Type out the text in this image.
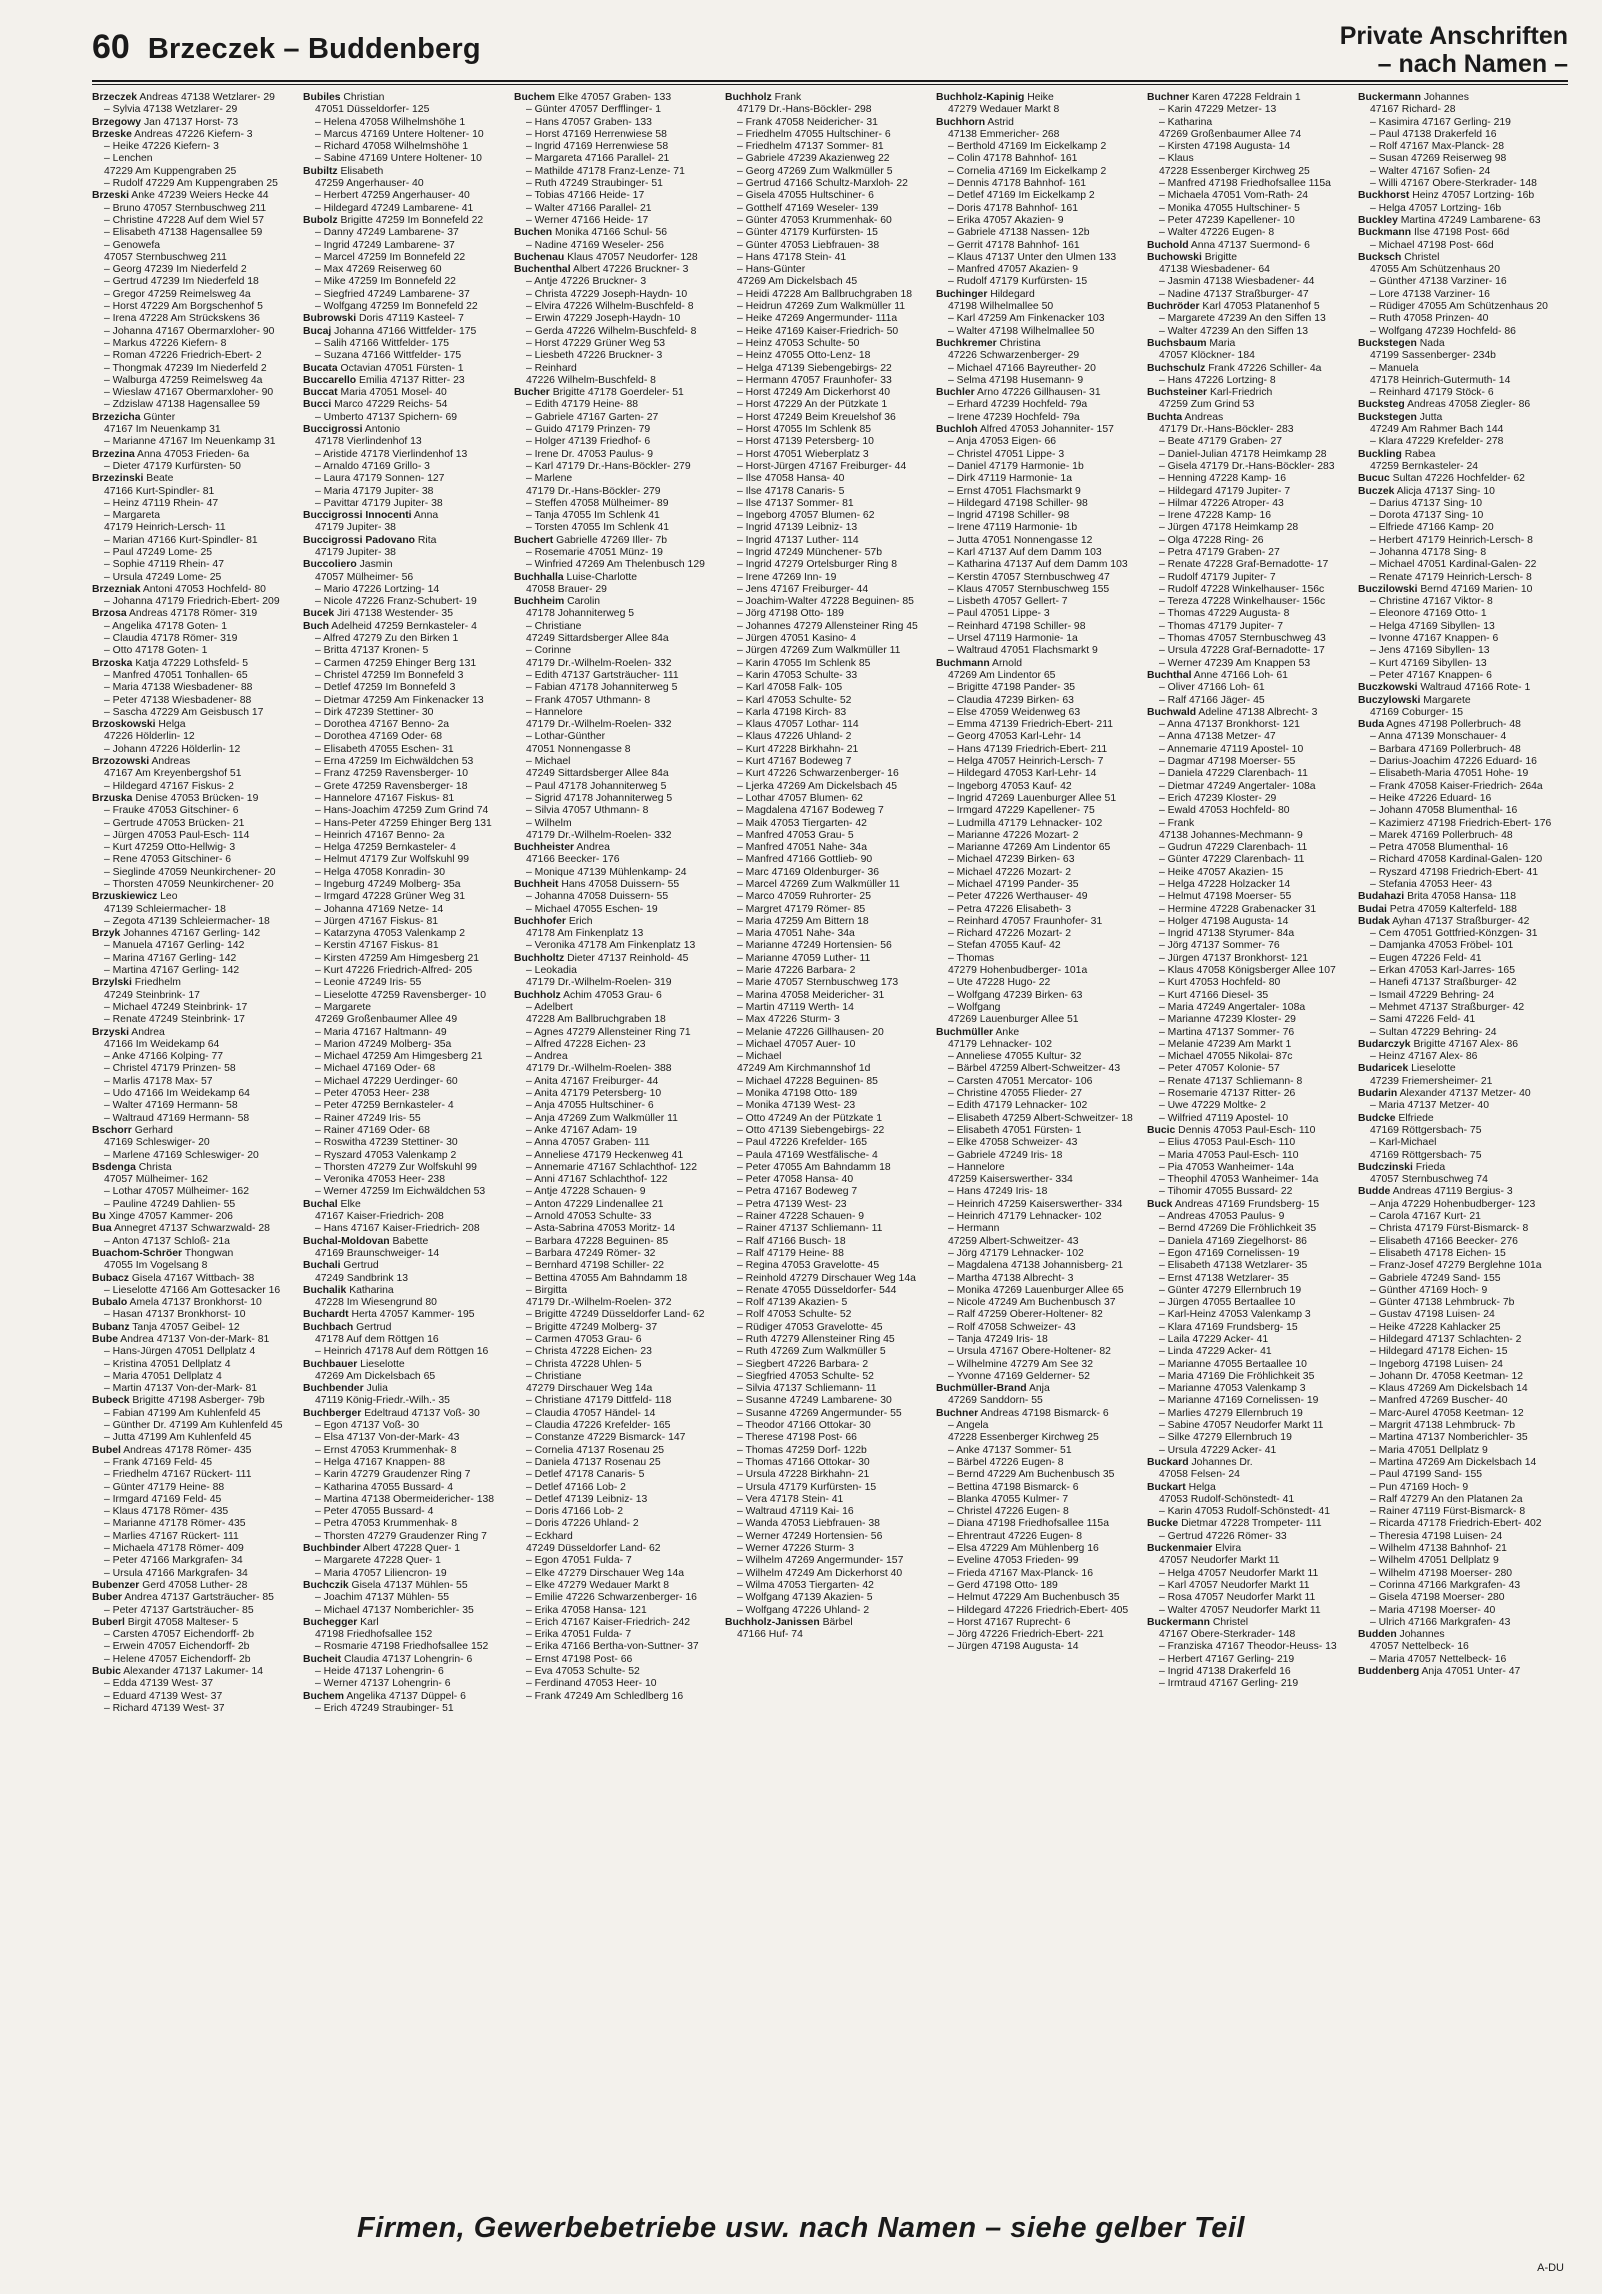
60 Brzeczek – Buddenberg	Private Anschriften
– nach Namen –
Brzeczek Andreas 47138 Wetzlarer- 29
– Sylvia 47138 Wetzlarer- 29
Brzegowy Jan 47137 Horst- 73
Brzeske Andreas 47226 Kiefern- 3
– Heike 47226 Kiefern- 3
– Lenchen
47229 Am Kuppengraben 25
– Rudolf 47229 Am Kuppengraben 25
Brzeski Anke 47239 Weiers Hecke 44
– Bruno 47057 Sternbuschweg 211
– Christine 47228 Auf dem Wiel 57
– Elisabeth 47138 Hagensallee 59
– Genowefa
47057 Sternbuschweg 211
– Georg 47239 Im Niederfeld 2
– Gertrud 47239 Im Niederfeld 18
– Gregor 47259 Reimelsweg 4a
– Horst 47229 Am Borgschenhof 5
– Irena 47228 Am Strückskens 36
– Johanna 47167 Obermarxloher- 90
– Markus 47226 Kiefern- 8
– Roman 47226 Friedrich-Ebert- 2
– Thongmak 47239 Im Niederfeld 2
– Walburga 47259 Reimelsweg 4a
– Wieslaw 47167 Obermarxloher- 90
– Zdzislaw 47138 Hagensallee 59
Brzezicha Günter
47167 Im Neuenkamp 31
– Marianne 47167 Im Neuenkamp 31
Brzezina Anna 47053 Frieden- 6a
– Dieter 47179 Kurfürsten- 50
Brzezinski Beate
47166 Kurt-Spindler- 81
– Heinz 47119 Rhein- 47
– Margareta
47179 Heinrich-Lersch- 11
– Marian 47166 Kurt-Spindler- 81
– Paul 47249 Lome- 25
– Sophie 47119 Rhein- 47
– Ursula 47249 Lome- 25
Brzezniak Antoni 47053 Hochfeld- 80
– Johanna 47179 Friedrich-Ebert- 209
Brzosa Andreas 47178 Römer- 319
– Angelika 47178 Goten- 1
– Claudia 47178 Römer- 319
– Otto 47178 Goten- 1
Brzoska Katja 47229 Lothsfeld- 5
– Manfred 47051 Tonhallen- 65
– Maria 47138 Wiesbadener- 88
– Peter 47138 Wiesbadener- 88
– Sascha 47229 Am Geisbusch 17
Brzoskowski Helga
47226 Hölderlin- 12
– Johann 47226 Hölderlin- 12
Brzozowski Andreas
47167 Am Kreyenbergshof 51
– Hildegard 47167 Fiskus- 2
Brzuska Denise 47053 Brücken- 19
– Frauke 47053 Gitschiner- 6
– Gertrude 47053 Brücken- 21
– Jürgen 47053 Paul-Esch- 114
– Kurt 47259 Otto-Hellwig- 3
– Rene 47053 Gitschiner- 6
– Sieglinde 47059 Neunkirchener- 20
– Thorsten 47059 Neunkirchener- 20
Brzuskiewicz Leo
47139 Schleiermacher- 18
– Zegota 47139 Schleiermacher- 18
Brzyk Johannes 47167 Gerling- 142
– Manuela 47167 Gerling- 142
– Marina 47167 Gerling- 142
– Martina 47167 Gerling- 142
Brzylski Friedhelm
47249 Steinbrink- 17
– Michael 47249 Steinbrink- 17
– Renate 47249 Steinbrink- 17
Brzyski Andrea
47166 Im Weidekamp 64
– Anke 47166 Kolping- 77
– Christel 47179 Prinzen- 58
– Marlis 47178 Max- 57
– Udo 47166 Im Weidekamp 64
– Walter 47169 Hermann- 58
– Waltraud 47169 Hermann- 58
Bschorr Gerhard
47169 Schleswiger- 20
– Marlene 47169 Schleswiger- 20
Bsdenga Christa
47057 Mülheimer- 162
– Lothar 47057 Mülheimer- 162
– Pauline 47249 Dahlien- 55
Bu Xinge 47057 Kammer- 206
Bua Annegret 47137 Schwarzwald- 28
– Anton 47137 Schloß- 21a
Buachom-Schröer Thongwan
47055 Im Vogelsang 8
Bubacz Gisela 47167 Wittbach- 38
– Lieselotte 47166 Am Gottesacker 16
Bubalo Amela 47137 Bronkhorst- 10
– Hasan 47137 Bronkhorst- 10
Bubanz Tanja 47057 Geibel- 12
Bube Andrea 47137 Von-der-Mark- 81
– Hans-Jürgen 47051 Dellplatz 4
– Kristina 47051 Dellplatz 4
– Maria 47051 Dellplatz 4
– Martin 47137 Von-der-Mark- 81
Bubeck Brigitte 47198 Asberger- 79b
– Fabian 47199 Am Kuhlenfeld 45
– Günther Dr. 47199 Am Kuhlenfeld 45
– Jutta 47199 Am Kuhlenfeld 45
Bubel Andreas 47178 Römer- 435
– Frank 47169 Feld- 45
– Friedhelm 47167 Rückert- 111
– Günter 47179 Heine- 88
– Irmgard 47169 Feld- 45
– Klaus 47178 Römer- 435
– Marianne 47178 Römer- 435
– Marlies 47167 Rückert- 111
– Michaela 47178 Römer- 409
– Peter 47166 Markgrafen- 34
– Ursula 47166 Markgrafen- 34
Bubenzer Gerd 47058 Luther- 28
Buber Andrea 47137 Gartsträucher- 85
– Peter 47137 Gartsträucher- 85
Buberl Birgit 47058 Malteser- 5
– Carsten 47057 Eichendorff- 2b
– Erwein 47057 Eichendorff- 2b
– Helene 47057 Eichendorff- 2b
Bubic Alexander 47137 Lakumer- 14
– Edda 47139 West- 37
– Eduard 47139 West- 37
– Richard 47139 West- 37
Bubiles Christian
47051 Düsseldorfer- 125
– Helena 47058 Wilhelmshöhe 1
– Marcus 47169 Untere Holtener- 10
– Richard 47058 Wilhelmshöhe 1
– Sabine 47169 Untere Holtener- 10
Bubiltz Elisabeth
47259 Angerhauser- 40
– Herbert 47259 Angerhauser- 40
– Hildegard 47249 Lambarene- 41
Bubolz Brigitte 47259 Im Bonnefeld 22
– Danny 47249 Lambarene- 37
– Ingrid 47249 Lambarene- 37
– Marcel 47259 Im Bonnefeld 22
– Max 47269 Reiserweg 60
– Mike 47259 Im Bonnefeld 22
– Siegfried 47249 Lambarene- 37
– Wolfgang 47259 Im Bonnefeld 22
Bubrowski Doris 47119 Kasteel- 7
Bucaj Johanna 47166 Wittfelder- 175
– Salih 47166 Wittfelder- 175
– Suzana 47166 Wittfelder- 175
Bucata Octavian 47051 Fürsten- 1
Buccarello Emilia 47137 Ritter- 23
Buccat Maria 47051 Mosel- 40
Bucci Marco 47229 Reichs- 54
– Umberto 47137 Spichern- 69
Buccigrossi Antonio
47178 Vierlindenhof 13
– Aristide 47178 Vierlindenhof 13
– Arnaldo 47169 Grillo- 3
– Laura 47179 Sonnen- 127
– Maria 47179 Jupiter- 38
– Pavittar 47179 Jupiter- 38
Buccigrossi Innocenti Anna
47179 Jupiter- 38
Buccigrossi Padovano Rita
47179 Jupiter- 38
Buccoliero Jasmin
47057 Mülheimer- 56
– Mario 47226 Lortzing- 14
– Nicole 47226 Franz-Schubert- 19
Bucek Jiri 47138 Westender- 35
Buch Adelheid 47259 Bernkasteler- 4
– Alfred 47279 Zu den Birken 1
– Britta 47137 Kronen- 5
– Carmen 47259 Ehinger Berg 131
– Christel 47259 Im Bonnefeld 3
– Detlef 47259 Im Bonnefeld 3
– Dietmar 47259 Am Finkenacker 13
– Dirk 47239 Stettiner- 30
– Dorothea 47167 Benno- 2a
– Dorothea 47169 Oder- 68
– Elisabeth 47055 Eschen- 31
– Erna 47259 Im Eichwäldchen 53
– Franz 47259 Ravensberger- 10
– Grete 47259 Ravensberger- 18
– Hannelore 47167 Fiskus- 81
– Hans-Joachim 47259 Zum Grind 74
– Hans-Peter 47259 Ehinger Berg 131
– Heinrich 47167 Benno- 2a
– Helga 47259 Bernkasteler- 4
– Helmut 47179 Zur Wolfskuhl 99
– Helga 47058 Konradin- 30
– Ingeburg 47249 Molberg- 35a
– Irmgard 47228 Grüner Weg 31
– Johanna 47169 Netze- 14
– Jürgen 47167 Fiskus- 81
– Katarzyna 47053 Valenkamp 2
– Kerstin 47167 Fiskus- 81
– Kirsten 47259 Am Himgesberg 21
– Kurt 47226 Friedrich-Alfred- 205
– Leonie 47249 Iris- 55
– Lieselotte 47259 Ravensberger- 10
– Margarete
47269 Großenbaumer Allee 49
– Maria 47167 Haltmann- 49
– Marion 47249 Molberg- 35a
– Michael 47259 Am Himgesberg 21
– Michael 47169 Oder- 68
– Michael 47229 Uerdinger- 60
– Peter 47053 Heer- 238
– Peter 47259 Bernkasteler- 4
– Rainer 47249 Iris- 55
– Rainer 47169 Oder- 68
– Roswitha 47239 Stettiner- 30
– Ryszard 47053 Valenkamp 2
– Thorsten 47279 Zur Wolfskuhl 99
– Veronika 47053 Heer- 238
– Werner 47259 Im Eichwäldchen 53
Buchal Elke
47167 Kaiser-Friedrich- 208
– Hans 47167 Kaiser-Friedrich- 208
Buchal-Moldovan Babette
47169 Braunschweiger- 14
Buchali Gertrud
47249 Sandbrink 13
Buchalik Katharina
47228 Im Wiesengrund 80
Buchardt Herta 47057 Kammer- 195
Buchbach Gertrud
47178 Auf dem Röttgen 16
– Heinrich 47178 Auf dem Röttgen 16
Buchbauer Lieselotte
47269 Am Dickelsbach 65
Buchbender Julia
47119 König-Friedr.-Wilh.- 35
Buchberger Edeltraud 47137 Voß- 30
– Egon 47137 Voß- 30
– Elsa 47137 Von-der-Mark- 43
– Ernst 47053 Krummenhak- 8
– Helga 47167 Knappen- 88
– Karin 47279 Graudenzer Ring 7
– Katharina 47055 Bussard- 4
– Martina 47138 Obermeidericher- 138
– Peter 47055 Bussard- 4
– Petra 47053 Krummenhak- 8
– Thorsten 47279 Graudenzer Ring 7
Buchbinder Albert 47228 Quer- 1
– Margarete 47228 Quer- 1
– Maria 47057 Liliencron- 19
Buchczik Gisela 47137 Mühlen- 55
– Joachim 47137 Mühlen- 55
– Michael 47137 Nomberichler- 35
Buchegger Karl
47198 Friedhofsallee 152
– Rosmarie 47198 Friedhofsallee 152
Bucheit Claudia 47137 Lohengrin- 6
– Heide 47137 Lohengrin- 6
– Werner 47137 Lohengrin- 6
Buchem Angelika 47137 Düppel- 6
– Erich 47249 Straubinger- 51
Buchem Elke 47057 Graben- 133
– Günter 47057 Derfflinger- 1
– Hans 47057 Graben- 133
– Horst 47169 Herrenwiese 58
– Ingrid 47169 Herrenwiese 58
– Margareta 47166 Parallel- 21
– Mathilde 47178 Franz-Lenze- 71
– Ruth 47249 Straubinger- 51
– Tobias 47166 Heide- 17
– Walter 47166 Parallel- 21
– Werner 47166 Heide- 17
Buchen Monika 47166 Schul- 56
– Nadine 47169 Weseler- 256
Buchenau Klaus 47057 Neudorfer- 128
Buchenthal Albert 47226 Bruckner- 3
– Antje 47226 Bruckner- 3
– Christa 47229 Joseph-Haydn- 10
– Elvira 47226 Wilhelm-Buschfeld- 8
– Erwin 47229 Joseph-Haydn- 10
– Gerda 47226 Wilhelm-Buschfeld- 8
– Horst 47229 Grüner Weg 53
– Liesbeth 47226 Bruckner- 3
– Reinhard
47226 Wilhelm-Buschfeld- 8
Bucher Brigitte 47178 Goerdeler- 51
– Edith 47179 Heine- 88
– Gabriele 47167 Garten- 27
– Guido 47179 Prinzen- 79
– Holger 47139 Friedhof- 6
– Irene Dr. 47053 Paulus- 9
– Karl 47179 Dr.-Hans-Böckler- 279
– Marlene
47179 Dr.-Hans-Böckler- 279
– Steffen 47058 Mülheimer- 89
– Tanja 47055 Im Schlenk 41
– Torsten 47055 Im Schlenk 41
Buchert Gabrielle 47269 Iller- 7b
– Rosemarie 47051 Münz- 19
– Winfried 47269 Am Thelenbusch 129
Buchhalla Luise-Charlotte
47058 Brauer- 29
Buchheim Carolin
47178 Johanniterweg 5
– Christiane
47249 Sittardsberger Allee 84a
– Corinne
47179 Dr.-Wilhelm-Roelen- 332
– Edith 47137 Gartsträucher- 111
– Fabian 47178 Johanniterweg 5
– Frank 47057 Uthmann- 8
– Hannelore
47179 Dr.-Wilhelm-Roelen- 332
– Lothar-Günther
47051 Nonnengasse 8
– Michael
47249 Sittardsberger Allee 84a
– Paul 47178 Johanniterweg 5
– Sigrid 47178 Johanniterweg 5
– Silvia 47057 Uthmann- 8
– Wilhelm
47179 Dr.-Wilhelm-Roelen- 332
Buchheister Andrea
47166 Beecker- 176
– Monique 47139 Mühlenkamp- 24
Buchheit Hans 47058 Duissern- 55
– Johanna 47058 Duissern- 55
– Michael 47055 Eschen- 19
Buchhofer Erich
47178 Am Finkenplatz 13
– Veronika 47178 Am Finkenplatz 13
Buchholtz Dieter 47137 Reinhold- 45
– Leokadia
47179 Dr.-Wilhelm-Roelen- 319
Buchholz Achim 47053 Grau- 6
– Adelbert
47228 Am Ballbruchgraben 18
– Agnes 47279 Allensteiner Ring 71
– Alfred 47228 Eichen- 23
– Andrea
47179 Dr.-Wilhelm-Roelen- 388
– Anita 47167 Freiburger- 44
– Anita 47179 Petersberg- 10
– Anja 47055 Hultschiner- 6
– Anja 47269 Zum Walkmüller 11
– Anke 47167 Adam- 19
– Anna 47057 Graben- 111
– Anneliese 47179 Heckenweg 41
– Annemarie 47167 Schlachthof- 122
– Anni 47167 Schlachthof- 122
– Antje 47228 Schauen- 9
– Anton 47229 Lindenallee 21
– Arnold 47053 Schulte- 33
– Asta-Sabrina 47053 Moritz- 14
– Barbara 47228 Beguinen- 85
– Barbara 47249 Römer- 32
– Bernhard 47198 Schiller- 22
– Bettina 47055 Am Bahndamm 18
– Birgitta
47179 Dr.-Wilhelm-Roelen- 372
– Brigitte 47249 Düsseldorfer Land- 62
– Brigitte 47249 Molberg- 37
– Carmen 47053 Grau- 6
– Christa 47228 Eichen- 23
– Christa 47228 Uhlen- 5
– Christiane
47279 Dirschauer Weg 14a
– Christiane 47179 Dittfeld- 118
– Claudia 47057 Händel- 14
– Claudia 47226 Krefelder- 165
– Constanze 47229 Bismarck- 147
– Cornelia 47137 Rosenau 25
– Daniela 47137 Rosenau 25
– Detlef 47178 Canaris- 5
– Detlef 47166 Lob- 2
– Detlef 47139 Leibniz- 13
– Doris 47166 Lob- 2
– Doris 47226 Uhland- 2
– Eckhard
47249 Düsseldorfer Land- 62
– Egon 47051 Fulda- 7
– Elke 47279 Dirschauer Weg 14a
– Elke 47279 Wedauer Markt 8
– Emilie 47226 Schwarzenberger- 16
– Erika 47058 Hansa- 121
– Erich 47167 Kaiser-Friedrich- 242
– Erika 47051 Fulda- 7
– Erika 47166 Bertha-von-Suttner- 37
– Ernst 47198 Post- 66
– Eva 47053 Schulte- 52
– Ferdinand 47053 Heer- 10
– Frank 47249 Am Schledlberg 16
Buchholz Frank
47179 Dr.-Hans-Böckler- 298
– Frank 47058 Neidericher- 31
– Friedhelm 47055 Hultschiner- 6
– Friedhelm 47137 Sommer- 81
– Gabriele 47239 Akazienweg 22
– Georg 47269 Zum Walkmüller 5
– Gertrud 47166 Schultz-Marxloh- 22
– Gisela 47055 Hultschiner- 6
– Gotthelf 47169 Weseler- 139
– Günter 47053 Krummenhak- 60
– Günter 47179 Kurfürsten- 15
– Günter 47053 Liebfrauen- 38
– Hans 47178 Stein- 41
– Hans-Günter
47269 Am Dickelsbach 45
– Heidi 47228 Am Ballbruchgraben 18
– Heidrun 47269 Zum Walkmüller 11
– Heike 47269 Angermunder- 111a
– Heike 47169 Kaiser-Friedrich- 50
– Heinz 47053 Schulte- 50
– Heinz 47055 Otto-Lenz- 18
– Helga 47139 Siebengebirgs- 22
– Hermann 47057 Fraunhofer- 33
– Horst 47249 Am Dickerhorst 40
– Horst 47229 An der Pützkate 1
– Horst 47249 Beim Kreuelshof 36
– Horst 47055 Im Schlenk 85
– Horst 47139 Petersberg- 10
– Horst 47051 Wieberplatz 3
– Horst-Jürgen 47167 Freiburger- 44
– Ilse 47058 Hansa- 40
– Ilse 47178 Canaris- 5
– Ilse 47137 Sommer- 81
– Ingeborg 47057 Blumen- 62
– Ingrid 47139 Leibniz- 13
– Ingrid 47137 Luther- 114
– Ingrid 47249 Münchener- 57b
– Ingrid 47279 Ortelsburger Ring 8
– Irene 47269 Inn- 19
– Jens 47167 Freiburger- 44
– Joachim-Walter 47228 Beguinen- 85
– Jörg 47198 Otto- 189
– Johannes 47279 Allensteiner Ring 45
– Jürgen 47051 Kasino- 4
– Jürgen 47269 Zum Walkmüller 11
– Karin 47055 Im Schlenk 85
– Karin 47053 Schulte- 33
– Karl 47058 Falk- 105
– Karl 47053 Schulte- 52
– Karla 47198 Kirch- 83
– Klaus 47057 Lothar- 114
– Klaus 47226 Uhland- 2
– Kurt 47228 Birkhahn- 21
– Kurt 47167 Bodeweg 7
– Kurt 47226 Schwarzenberger- 16
– Ljerka 47269 Am Dickelsbach 45
– Lothar 47057 Blumen- 62
– Magdalena 47167 Bodeweg 7
– Maik 47053 Tiergarten- 42
– Manfred 47053 Grau- 5
– Manfred 47051 Nahe- 34a
– Manfred 47166 Gottlieb- 90
– Marc 47169 Oldenburger- 36
– Marcel 47269 Zum Walkmüller 11
– Marco 47059 Ruhrorter- 25
– Margret 47179 Römer- 85
– Maria 47259 Am Bittern 18
– Maria 47051 Nahe- 34a
– Marianne 47249 Hortensien- 56
– Marianne 47059 Luther- 11
– Marie 47226 Barbara- 2
– Marie 47057 Sternbuschweg 173
– Marina 47058 Meidericher- 31
– Martin 47119 Werth- 14
– Max 47226 Sturm- 3
– Melanie 47226 Gillhausen- 20
– Michael 47057 Auer- 10
– Michael
47249 Am Kirchmannshof 1d
– Michael 47228 Beguinen- 85
– Monika 47198 Otto- 189
– Monika 47139 West- 23
– Otto 47249 An der Pützkate 1
– Otto 47139 Siebengebirgs- 22
– Paul 47226 Krefelder- 165
– Paula 47169 Westfälische- 4
– Peter 47055 Am Bahndamm 18
– Peter 47058 Hansa- 40
– Petra 47167 Bodeweg 7
– Petra 47139 West- 23
– Rainer 47228 Schauen- 9
– Rainer 47137 Schliemann- 11
– Ralf 47166 Busch- 18
– Ralf 47179 Heine- 88
– Regina 47053 Gravelotte- 45
– Reinhold 47279 Dirschauer Weg 14a
– Renate 47055 Düsseldorfer- 544
– Rolf 47139 Akazien- 5
– Rolf 47053 Schulte- 52
– Rüdiger 47053 Gravelotte- 45
– Ruth 47279 Allensteiner Ring 45
– Ruth 47269 Zum Walkmüller 5
– Siegbert 47226 Barbara- 2
– Siegfried 47053 Schulte- 52
– Silvia 47137 Schliemann- 11
– Susanne 47249 Lambarene- 30
– Susanne 47269 Angermunder- 55
– Theodor 47166 Ottokar- 30
– Therese 47198 Post- 66
– Thomas 47259 Dorf- 122b
– Thomas 47166 Ottokar- 30
– Ursula 47228 Birkhahn- 21
– Ursula 47179 Kurfürsten- 15
– Vera 47178 Stein- 41
– Waltraud 47119 Kai- 16
– Wanda 47053 Liebfrauen- 38
– Werner 47249 Hortensien- 56
– Werner 47226 Sturm- 3
– Wilhelm 47269 Angermunder- 157
– Wilhelm 47249 Am Dickerhorst 40
– Wilma 47053 Tiergarten- 42
– Wolfgang 47139 Akazien- 5
– Wolfgang 47226 Uhland- 2
Buchholz-Janissen Bärbel
47166 Huf- 74
Buchholz-Kapinig Heike
47279 Wedauer Markt 8
Buchhorn Astrid
47138 Emmericher- 268
– Berthold 47169 Im Eickelkamp 2
– Colin 47178 Bahnhof- 161
– Cornelia 47169 Im Eickelkamp 2
– Dennis 47178 Bahnhof- 161
– Detlef 47169 Im Eickelkamp 2
– Doris 47178 Bahnhof- 161
– Erika 47057 Akazien- 9
– Gabriele 47138 Nassen- 12b
– Gerrit 47178 Bahnhof- 161
– Klaus 47137 Unter den Ulmen 133
– Manfred 47057 Akazien- 9
– Rudolf 47179 Kurfürsten- 15
Buchinger Hildegard
47198 Wilhelmallee 50
– Karl 47259 Am Finkenacker 103
– Walter 47198 Wilhelmallee 50
Buchkremer Christina
47226 Schwarzenberger- 29
– Michael 47166 Bayreuther- 20
– Selma 47198 Husemann- 9
Buchler Arno 47226 Gillhausen- 31
– Erhard 47239 Hochfeld- 79a
– Irene 47239 Hochfeld- 79a
Buchloh Alfred 47053 Johanniter- 157
– Anja 47053 Eigen- 66
– Christel 47051 Lippe- 3
– Daniel 47179 Harmonie- 1b
– Dirk 47119 Harmonie- 1a
– Ernst 47051 Flachsmarkt 9
– Hildegard 47198 Schiller- 98
– Ingrid 47198 Schiller- 98
– Irene 47119 Harmonie- 1b
– Jutta 47051 Nonnengasse 12
– Karl 47137 Auf dem Damm 103
– Katharina 47137 Auf dem Damm 103
– Kerstin 47057 Sternbuschweg 47
– Klaus 47057 Sternbuschweg 155
– Lisbeth 47057 Gellert- 7
– Paul 47051 Lippe- 3
– Reinhard 47198 Schiller- 98
– Ursel 47119 Harmonie- 1a
– Waltraud 47051 Flachsmarkt 9
Buchmann Arnold
47269 Am Lindentor 65
– Brigitte 47198 Pander- 35
– Claudia 47239 Birken- 63
– Else 47059 Weidenweg 63
– Emma 47139 Friedrich-Ebert- 211
– Georg 47053 Karl-Lehr- 14
– Hans 47139 Friedrich-Ebert- 211
– Helga 47057 Heinrich-Lersch- 7
– Hildegard 47053 Karl-Lehr- 14
– Ingeborg 47053 Kauf- 42
– Ingrid 47269 Lauenburger Allee 51
– Irmgard 47229 Kapellener- 75
– Ludmilla 47179 Lehnacker- 102
– Marianne 47226 Mozart- 2
– Marianne 47269 Am Lindentor 65
– Michael 47239 Birken- 63
– Michael 47226 Mozart- 2
– Michael 47199 Pander- 35
– Peter 47226 Werthauser- 49
– Petra 47226 Elisabeth- 3
– Reinhard 47057 Fraunhofer- 31
– Richard 47226 Mozart- 2
– Stefan 47055 Kauf- 42
– Thomas
47279 Hohenbudberger- 101a
– Ute 47228 Hugo- 22
– Wolfgang 47239 Birken- 63
– Wolfgang
47269 Lauenburger Allee 51
Buchmüller Anke
47179 Lehnacker- 102
– Anneliese 47055 Kultur- 32
– Bärbel 47259 Albert-Schweitzer- 43
– Carsten 47051 Mercator- 106
– Christine 47055 Flieder- 27
– Edith 47179 Lehnacker- 102
– Elisabeth 47259 Albert-Schweitzer- 18
– Elisabeth 47051 Fürsten- 1
– Elke 47058 Schweizer- 43
– Gabriele 47249 Iris- 18
– Hannelore
47259 Kaiserswerther- 334
– Hans 47249 Iris- 18
– Heinrich 47259 Kaiserswerther- 334
– Heinrich 47179 Lehnacker- 102
– Hermann
47259 Albert-Schweitzer- 43
– Jörg 47179 Lehnacker- 102
– Magdalena 47138 Johannisberg- 21
– Martha 47138 Albrecht- 3
– Monika 47269 Lauenburger Allee 65
– Nicole 47249 Am Buchenbusch 37
– Ralf 47259 Oberer-Holtener- 82
– Rolf 47058 Schweizer- 43
– Tanja 47249 Iris- 18
– Ursula 47167 Obere-Holtener- 82
– Wilhelmine 47279 Am See 32
– Yvonne 47169 Gelderner- 52
Buchmüller-Brand Anja
47269 Sanddorn- 55
Buchner Andreas 47198 Bismarck- 6
– Angela
47228 Essenberger Kirchweg 25
– Anke 47137 Sommer- 51
– Bärbel 47226 Eugen- 8
– Bernd 47229 Am Buchenbusch 35
– Bettina 47198 Bismarck- 6
– Blanka 47055 Kulmer- 7
– Christel 47226 Eugen- 8
– Diana 47198 Friedhofsallee 115a
– Ehrentraut 47226 Eugen- 8
– Elsa 47229 Am Mühlenberg 16
– Eveline 47053 Frieden- 99
– Frieda 47167 Max-Planck- 16
– Gerd 47198 Otto- 189
– Helmut 47229 Am Buchenbusch 35
– Hildegard 47226 Friedrich-Ebert- 405
– Horst 47167 Ruprecht- 6
– Jörg 47226 Friedrich-Ebert- 221
– Jürgen 47198 Augusta- 14
Buchner Karen 47228 Feldrain 1
– Karin 47229 Metzer- 13
– Katharina
47269 Großenbaumer Allee 74
– Kirsten 47198 Augusta- 14
– Klaus
47228 Essenberger Kirchweg 25
– Manfred 47198 Friedhofsallee 115a
– Michaela 47051 Vom-Rath- 24
– Monika 47055 Hultschiner- 5
– Peter 47239 Kapellener- 10
– Walter 47226 Eugen- 8
Buchold Anna 47137 Suermond- 6
Buchowski Brigitte
47138 Wiesbadener- 64
– Jasmin 47138 Wiesbadener- 44
– Nadine 47137 Straßburger- 47
Buchröder Karl 47053 Platanenhof 5
– Margarete 47239 An den Siffen 13
– Walter 47239 An den Siffen 13
Buchsbaum Maria
47057 Klöckner- 184
Buchschulz Frank 47226 Schiller- 4a
– Hans 47226 Lortzing- 8
Buchsteiner Karl-Friedrich
47259 Zum Grind 53
Buchta Andreas
47179 Dr.-Hans-Böckler- 283
– Beate 47179 Graben- 27
– Daniel-Julian 47178 Heimkamp 28
– Gisela 47179 Dr.-Hans-Böckler- 283
– Henning 47228 Kamp- 16
– Hildegard 47179 Jupiter- 7
– Hilmar 47226 Atroper- 43
– Irene 47228 Kamp- 16
– Jürgen 47178 Heimkamp 28
– Olga 47228 Ring- 26
– Petra 47179 Graben- 27
– Renate 47228 Graf-Bernadotte- 17
– Rudolf 47179 Jupiter- 7
– Rudolf 47228 Winkelhauser- 156c
– Tereza 47228 Winkelhauser- 156c
– Thomas 47229 Augusta- 8
– Thomas 47179 Jupiter- 7
– Thomas 47057 Sternbuschweg 43
– Ursula 47228 Graf-Bernadotte- 17
– Werner 47239 Am Knappen 53
Buchthal Anne 47166 Loh- 61
– Oliver 47166 Loh- 61
– Ralf 47166 Jäger- 45
Buchwald Adeline 47138 Albrecht- 3
– Anna 47137 Bronkhorst- 121
– Anna 47138 Metzer- 47
– Annemarie 47119 Apostel- 10
– Dagmar 47198 Moerser- 55
– Daniela 47229 Clarenbach- 11
– Dietmar 47249 Angertaler- 108a
– Erich 47239 Kloster- 29
– Ewald 47053 Hochfeld- 80
– Frank
47138 Johannes-Mechmann- 9
– Gudrun 47229 Clarenbach- 11
– Günter 47229 Clarenbach- 11
– Heike 47057 Akazien- 15
– Helga 47228 Holzacker 14
– Helmut 47198 Moerser- 55
– Hermine 47228 Grabenacker 31
– Holger 47198 Augusta- 14
– Ingrid 47138 Styrumer- 84a
– Jörg 47137 Sommer- 76
– Jürgen 47137 Bronkhorst- 121
– Klaus 47058 Königsberger Allee 107
– Kurt 47053 Hochfeld- 80
– Kurt 47166 Diesel- 35
– Maria 47249 Angertaler- 108a
– Marianne 47239 Kloster- 29
– Martina 47137 Sommer- 76
– Melanie 47239 Am Markt 1
– Michael 47055 Nikolai- 87c
– Peter 47057 Kolonie- 57
– Renate 47137 Schliemann- 8
– Rosemarie 47137 Ritter- 26
– Uwe 47229 Moltke- 2
– Wilfried 47119 Apostel- 10
Bucic Dennis 47053 Paul-Esch- 110
– Elius 47053 Paul-Esch- 110
– Maria 47053 Paul-Esch- 110
– Pia 47053 Wanheimer- 14a
– Theophil 47053 Wanheimer- 14a
– Tihomir 47055 Bussard- 22
Buck Andreas 47169 Frundsberg- 15
– Andreas 47053 Paulus- 9
– Bernd 47269 Die Fröhlichkeit 35
– Daniela 47169 Ziegelhorst- 86
– Egon 47169 Cornelissen- 19
– Elisabeth 47138 Wetzlarer- 35
– Ernst 47138 Wetzlarer- 35
– Günter 47279 Ellernbruch 19
– Jürgen 47055 Bertaallee 10
– Karl-Heinz 47053 Valenkamp 3
– Klara 47169 Frundsberg- 15
– Laila 47229 Acker- 41
– Linda 47229 Acker- 41
– Marianne 47055 Bertaallee 10
– Maria 47169 Die Fröhlichkeit 35
– Marianne 47053 Valenkamp 3
– Marianne 47169 Cornelissen- 19
– Marlies 47279 Ellernbruch 19
– Sabine 47057 Neudorfer Markt 11
– Silke 47279 Ellernbruch 19
– Ursula 47229 Acker- 41
Buckard Johannes Dr.
47058 Felsen- 24
Buckart Helga
47053 Rudolf-Schönstedt- 41
– Karin 47053 Rudolf-Schönstedt- 41
Bucke Dietmar 47228 Trompeter- 111
– Gertrud 47226 Römer- 33
Buckenmaier Elvira
47057 Neudorfer Markt 11
– Helga 47057 Neudorfer Markt 11
– Karl 47057 Neudorfer Markt 11
– Rosa 47057 Neudorfer Markt 11
– Walter 47057 Neudorfer Markt 11
Buckermann Christel
47167 Obere-Sterkrader- 148
– Franziska 47167 Theodor-Heuss- 13
– Herbert 47167 Gerling- 219
– Ingrid 47138 Drakerfeld 16
– Irmtraud 47167 Gerling- 219
Buckermann Johannes
47167 Richard- 28
– Kasimira 47167 Gerling- 219
– Paul 47138 Drakerfeld 16
– Rolf 47167 Max-Planck- 28
– Susan 47269 Reiserweg 98
– Walter 47167 Sofien- 24
– Willi 47167 Obere-Sterkrader- 148
Buckhorst Heinz 47057 Lortzing- 16b
– Helga 47057 Lortzing- 16b
Buckley Martina 47249 Lambarene- 63
Buckmann Ilse 47198 Post- 66d
– Michael 47198 Post- 66d
Bucksch Christel
47055 Am Schützenhaus 20
– Günther 47138 Varziner- 16
– Lore 47138 Varziner- 16
– Rüdiger 47055 Am Schützenhaus 20
– Ruth 47058 Prinzen- 40
– Wolfgang 47239 Hochfeld- 86
Buckstegen Nada
47199 Sassenberger- 234b
– Manuela
47178 Heinrich-Gutermuth- 14
– Reinhard 47179 Stöck- 6
Bucksteg Andreas 47058 Ziegler- 86
Buckstegen Jutta
47249 Am Rahmer Bach 144
– Klara 47229 Krefelder- 278
Buckling Rabea
47259 Bernkasteler- 24
Bucuc Sultan 47226 Hochfelder- 62
Buczek Alicja 47137 Sing- 10
– Darius 47137 Sing- 10
– Dorota 47137 Sing- 10
– Elfriede 47166 Kamp- 20
– Herbert 47179 Heinrich-Lersch- 8
– Johanna 47178 Sing- 8
– Michael 47051 Kardinal-Galen- 22
– Renate 47179 Heinrich-Lersch- 8
Buczilowski Bernd 47169 Marien- 10
– Christine 47167 Viktor- 8
– Eleonore 47169 Otto- 1
– Helga 47169 Sibyllen- 13
– Ivonne 47167 Knappen- 6
– Jens 47169 Sibyllen- 13
– Kurt 47169 Sibyllen- 13
– Peter 47167 Knappen- 6
Buczkowski Waltraud 47166 Rote- 1
Buczylowski Margarete
47169 Coburger- 15
Buda Agnes 47198 Pollerbruch- 48
– Anna 47139 Monschauer- 4
– Barbara 47169 Pollerbruch- 48
– Darius-Joachim 47226 Eduard- 16
– Elisabeth-Maria 47051 Hohe- 19
– Frank 47058 Kaiser-Friedrich- 264a
– Heike 47226 Eduard- 16
– Johann 47058 Blumenthal- 16
– Kazimierz 47198 Friedrich-Ebert- 176
– Marek 47169 Pollerbruch- 48
– Petra 47058 Blumenthal- 16
– Richard 47058 Kardinal-Galen- 120
– Ryszard 47198 Friedrich-Ebert- 41
– Stefania 47053 Heer- 43
Budahazi Brita 47058 Hansa- 118
Budai Petra 47059 Kalterfeld- 188
Budak Ayhan 47137 Straßburger- 42
– Cem 47051 Gottfried-Könzgen- 31
– Damjanka 47053 Fröbel- 101
– Eugen 47226 Feld- 41
– Erkan 47053 Karl-Jarres- 165
– Hanefi 47137 Straßburger- 42
– Ismail 47229 Behring- 24
– Mehmet 47137 Straßburger- 42
– Sami 47226 Feld- 41
– Sultan 47229 Behring- 24
Budarczyk Brigitte 47167 Alex- 86
– Heinz 47167 Alex- 86
Budaricek Lieselotte
47239 Friemersheimer- 21
Budarin Alexander 47137 Metzer- 40
– Maria 47137 Metzer- 40
Budcke Elfriede
47169 Röttgersbach- 75
– Karl-Michael
47169 Röttgersbach- 75
Budczinski Frieda
47057 Sternbuschweg 74
Budde Andreas 47119 Bergius- 3
– Anja 47229 Hohenbudberger- 123
– Carola 47167 Kurt- 21
– Christa 47179 Fürst-Bismarck- 8
– Elisabeth 47166 Beecker- 276
– Elisabeth 47178 Eichen- 15
– Franz-Josef 47279 Berglehne 101a
– Gabriele 47249 Sand- 155
– Günther 47169 Hoch- 9
– Günter 47138 Lehmbruck- 7b
– Gustav 47198 Luisen- 24
– Heike 47228 Kahlacker 25
– Hildegard 47137 Schlachten- 2
– Hildegard 47178 Eichen- 15
– Ingeborg 47198 Luisen- 24
– Johann Dr. 47058 Keetman- 12
– Klaus 47269 Am Dickelsbach 14
– Manfred 47269 Buscher- 40
– Marc-Aurel 47058 Keetman- 12
– Margrit 47138 Lehmbruck- 7b
– Martina 47137 Nomberichler- 35
– Maria 47051 Dellplatz 9
– Martina 47269 Am Dickelsbach 14
– Paul 47199 Sand- 155
– Pun 47169 Hoch- 9
– Ralf 47279 An den Platanen 2a
– Rainer 47119 Fürst-Bismarck- 8
– Ricarda 47178 Friedrich-Ebert- 402
– Theresia 47198 Luisen- 24
– Wilhelm 47138 Bahnhof- 21
– Wilhelm 47051 Dellplatz 9
– Wilhelm 47198 Moerser- 280
– Corinna 47166 Markgrafen- 43
– Gisela 47198 Moerser- 280
– Maria 47198 Moerser- 40
– Ulrich 47166 Markgrafen- 43
Budden Johannes
47057 Nettelbeck- 16
– Maria 47057 Nettelbeck- 16
Buddenberg Anja 47051 Unter- 47
Firmen, Gewerbebetriebe usw. nach Namen – siehe gelber Teil
A-DU
